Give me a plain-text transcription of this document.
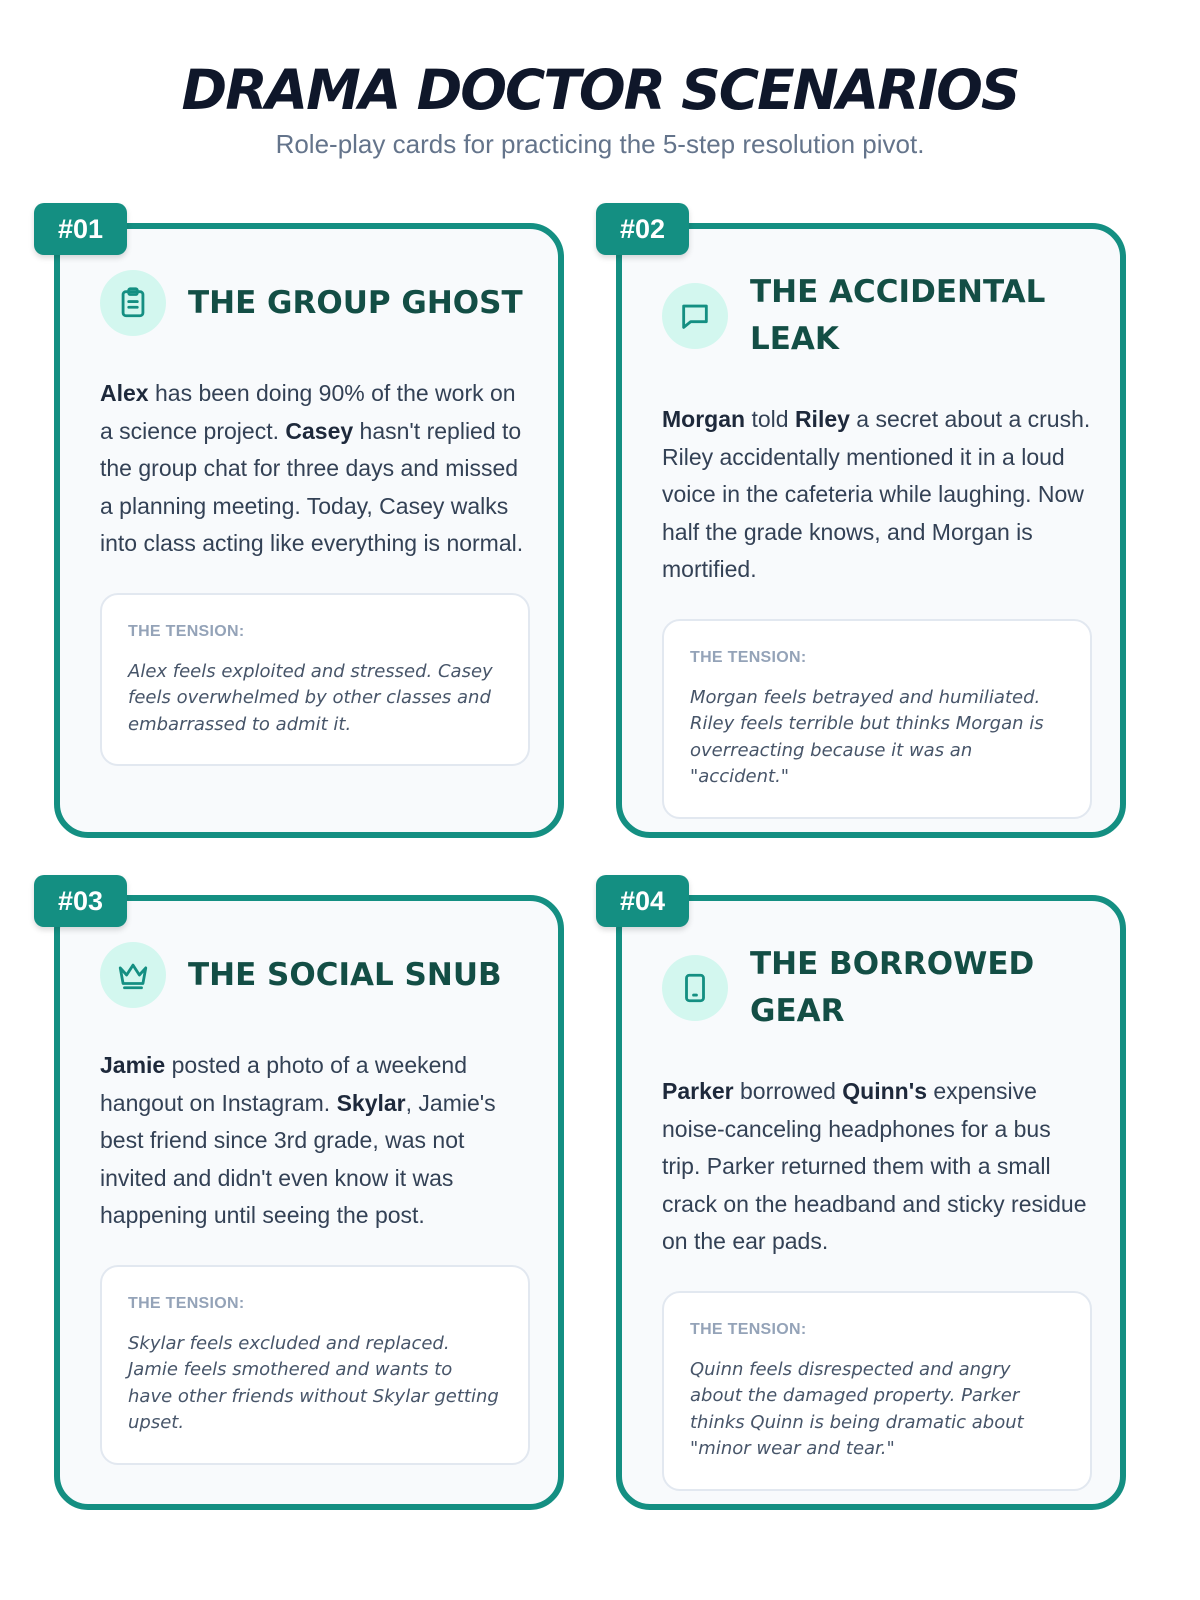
DRAMA DOCTOR SCENARIOS

Role-play cards for practicing the 5-step resolution pivot.

#01
THE GROUP GHOST

Alex has been doing 90% of the work on a science project. Casey hasn't replied to the group chat for three days and missed a planning meeting. Today, Casey walks into class acting like everything is normal.

THE TENSION:

Alex feels exploited and stressed. Casey feels overwhelmed by other classes and embarrassed to admit it.

#02
THE ACCIDENTAL LEAK

Morgan told Riley a secret about a crush. Riley accidentally mentioned it in a loud voice in the cafeteria while laughing. Now half the grade knows, and Morgan is mortified.

THE TENSION:

Morgan feels betrayed and humiliated. Riley feels terrible but thinks Morgan is overreacting because it was an "accident."

#03
THE SOCIAL SNUB

Jamie posted a photo of a weekend hangout on Instagram. Skylar, Jamie's best friend since 3rd grade, was not invited and didn't even know it was happening until seeing the post.

THE TENSION:

Skylar feels excluded and replaced. Jamie feels smothered and wants to have other friends without Skylar getting upset.

#04
THE BORROWED GEAR

Parker borrowed Quinn's expensive noise-canceling headphones for a bus trip. Parker returned them with a small crack on the headband and sticky residue on the ear pads.

THE TENSION:

Quinn feels disrespected and angry about the damaged property. Parker thinks Quinn is being dramatic about "minor wear and tear."
